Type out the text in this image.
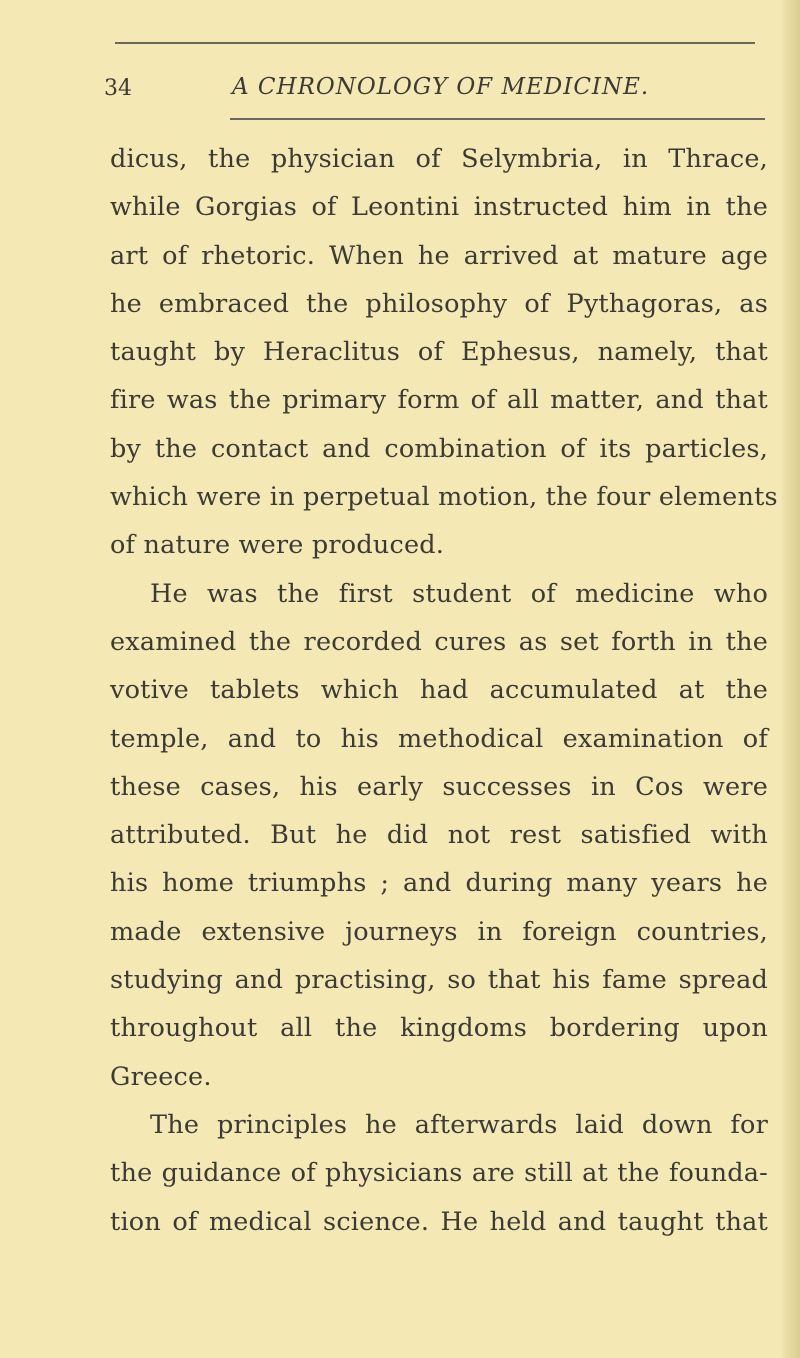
34	A CHRONOLOGY OF MEDICINE.
dicus, the physician of Selymbria, in Thrace,
while Gorgias of Leontini instructed him in the
art of rhetoric. When he arrived at mature age
he embraced the philosophy of Pythagoras, as
taught by Heraclitus of Ephesus, namely, that
fire was the primary form of all matter, and that
by the contact and combination of its particles,
which were in perpetual motion, the four elements
of nature were produced.
He was the first student of medicine who
examined the recorded cures as set forth in the
votive tablets which had accumulated at the
temple, and to his methodical examination of
these cases, his early successes in Cos were
attributed. But he did not rest satisfied with
his home triumphs ; and during many years he
made extensive journeys in foreign countries,
studying and practising, so that his fame spread
throughout all the kingdoms bordering upon
Greece.
The principles he afterwards laid down for
the guidance of physicians are still at the founda-
tion of medical science. He held and taught that
